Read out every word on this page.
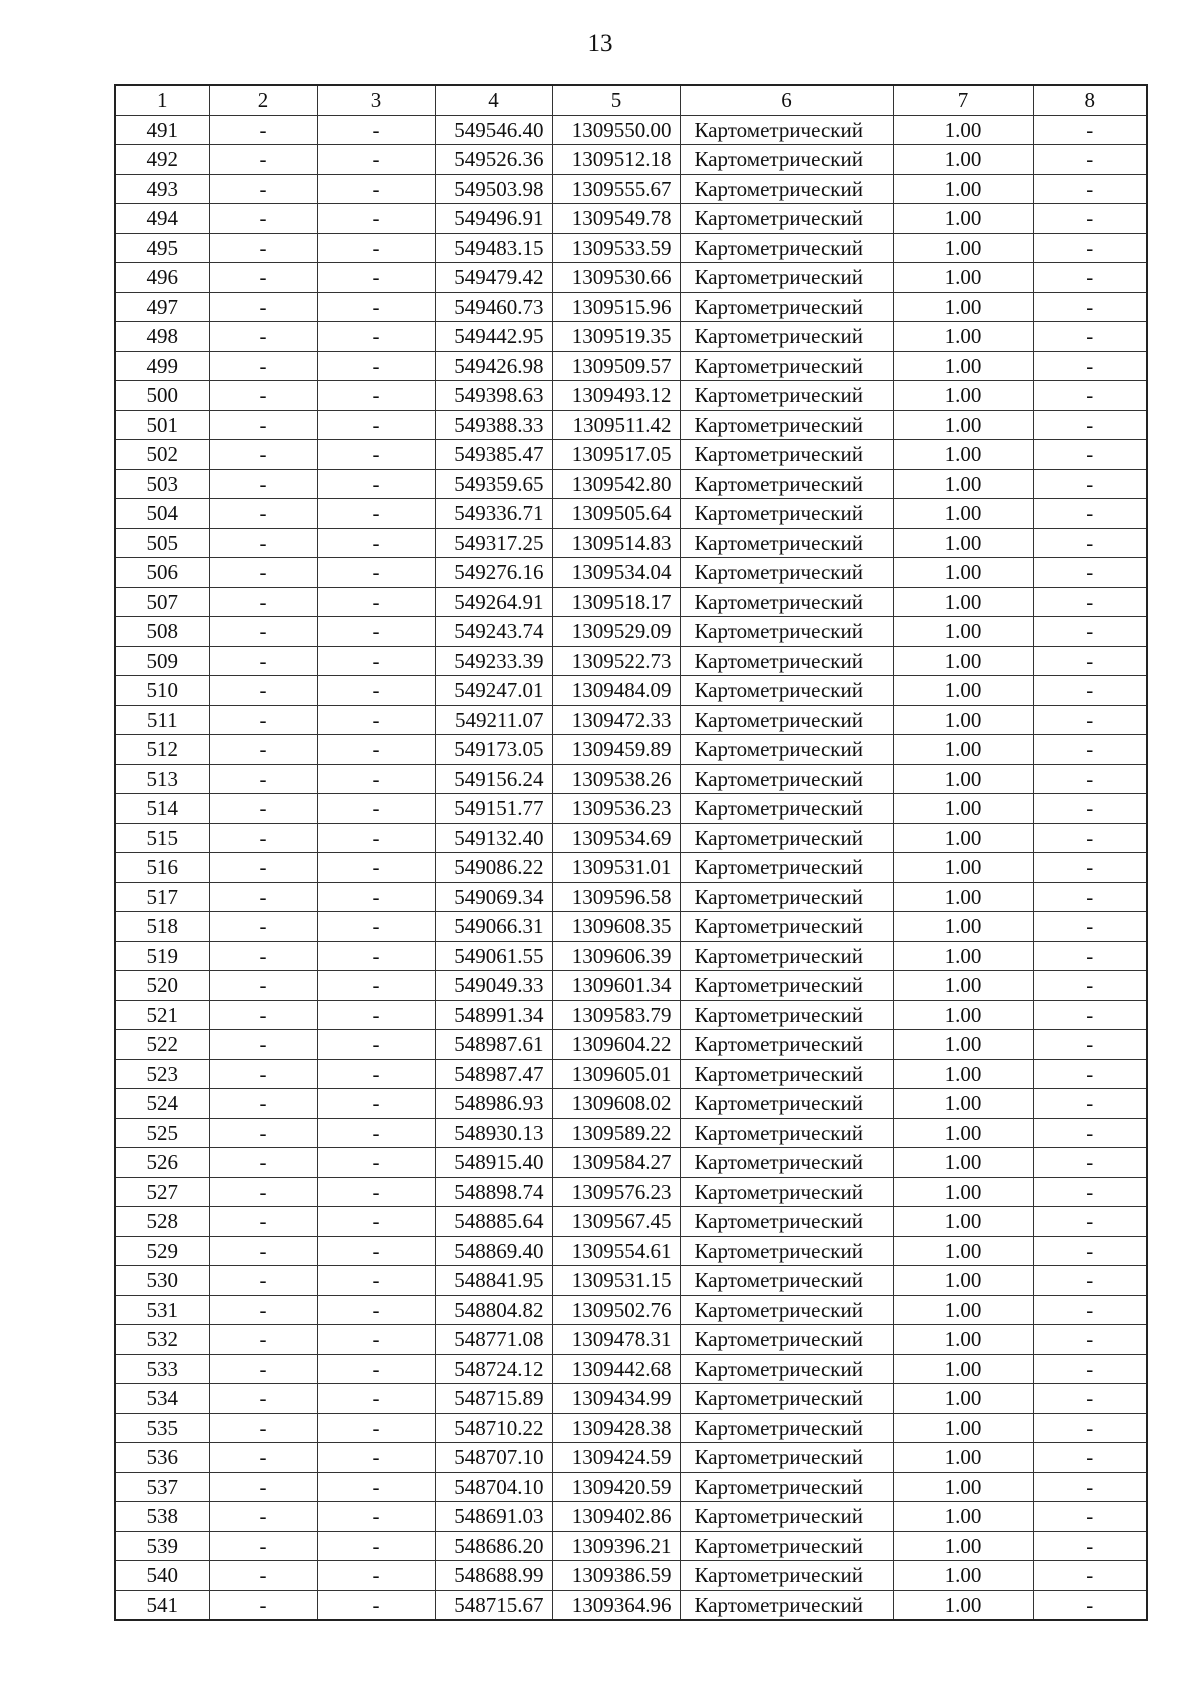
13
1	2	3	4	5	6	7	8
491	-	-	549546.40	1309550.00	Картометрический	1.00	-
492	-	-	549526.36	1309512.18	Картометрический	1.00	-
493	-	-	549503.98	1309555.67	Картометрический	1.00	-
494	-	-	549496.91	1309549.78	Картометрический	1.00	-
495	-	-	549483.15	1309533.59	Картометрический	1.00	-
496	-	-	549479.42	1309530.66	Картометрический	1.00	-
497	-	-	549460.73	1309515.96	Картометрический	1.00	-
498	-	-	549442.95	1309519.35	Картометрический	1.00	-
499	-	-	549426.98	1309509.57	Картометрический	1.00	-
500	-	-	549398.63	1309493.12	Картометрический	1.00	-
501	-	-	549388.33	1309511.42	Картометрический	1.00	-
502	-	-	549385.47	1309517.05	Картометрический	1.00	-
503	-	-	549359.65	1309542.80	Картометрический	1.00	-
504	-	-	549336.71	1309505.64	Картометрический	1.00	-
505	-	-	549317.25	1309514.83	Картометрический	1.00	-
506	-	-	549276.16	1309534.04	Картометрический	1.00	-
507	-	-	549264.91	1309518.17	Картометрический	1.00	-
508	-	-	549243.74	1309529.09	Картометрический	1.00	-
509	-	-	549233.39	1309522.73	Картометрический	1.00	-
510	-	-	549247.01	1309484.09	Картометрический	1.00	-
511	-	-	549211.07	1309472.33	Картометрический	1.00	-
512	-	-	549173.05	1309459.89	Картометрический	1.00	-
513	-	-	549156.24	1309538.26	Картометрический	1.00	-
514	-	-	549151.77	1309536.23	Картометрический	1.00	-
515	-	-	549132.40	1309534.69	Картометрический	1.00	-
516	-	-	549086.22	1309531.01	Картометрический	1.00	-
517	-	-	549069.34	1309596.58	Картометрический	1.00	-
518	-	-	549066.31	1309608.35	Картометрический	1.00	-
519	-	-	549061.55	1309606.39	Картометрический	1.00	-
520	-	-	549049.33	1309601.34	Картометрический	1.00	-
521	-	-	548991.34	1309583.79	Картометрический	1.00	-
522	-	-	548987.61	1309604.22	Картометрический	1.00	-
523	-	-	548987.47	1309605.01	Картометрический	1.00	-
524	-	-	548986.93	1309608.02	Картометрический	1.00	-
525	-	-	548930.13	1309589.22	Картометрический	1.00	-
526	-	-	548915.40	1309584.27	Картометрический	1.00	-
527	-	-	548898.74	1309576.23	Картометрический	1.00	-
528	-	-	548885.64	1309567.45	Картометрический	1.00	-
529	-	-	548869.40	1309554.61	Картометрический	1.00	-
530	-	-	548841.95	1309531.15	Картометрический	1.00	-
531	-	-	548804.82	1309502.76	Картометрический	1.00	-
532	-	-	548771.08	1309478.31	Картометрический	1.00	-
533	-	-	548724.12	1309442.68	Картометрический	1.00	-
534	-	-	548715.89	1309434.99	Картометрический	1.00	-
535	-	-	548710.22	1309428.38	Картометрический	1.00	-
536	-	-	548707.10	1309424.59	Картометрический	1.00	-
537	-	-	548704.10	1309420.59	Картометрический	1.00	-
538	-	-	548691.03	1309402.86	Картометрический	1.00	-
539	-	-	548686.20	1309396.21	Картометрический	1.00	-
540	-	-	548688.99	1309386.59	Картометрический	1.00	-
541	-	-	548715.67	1309364.96	Картометрический	1.00	-
